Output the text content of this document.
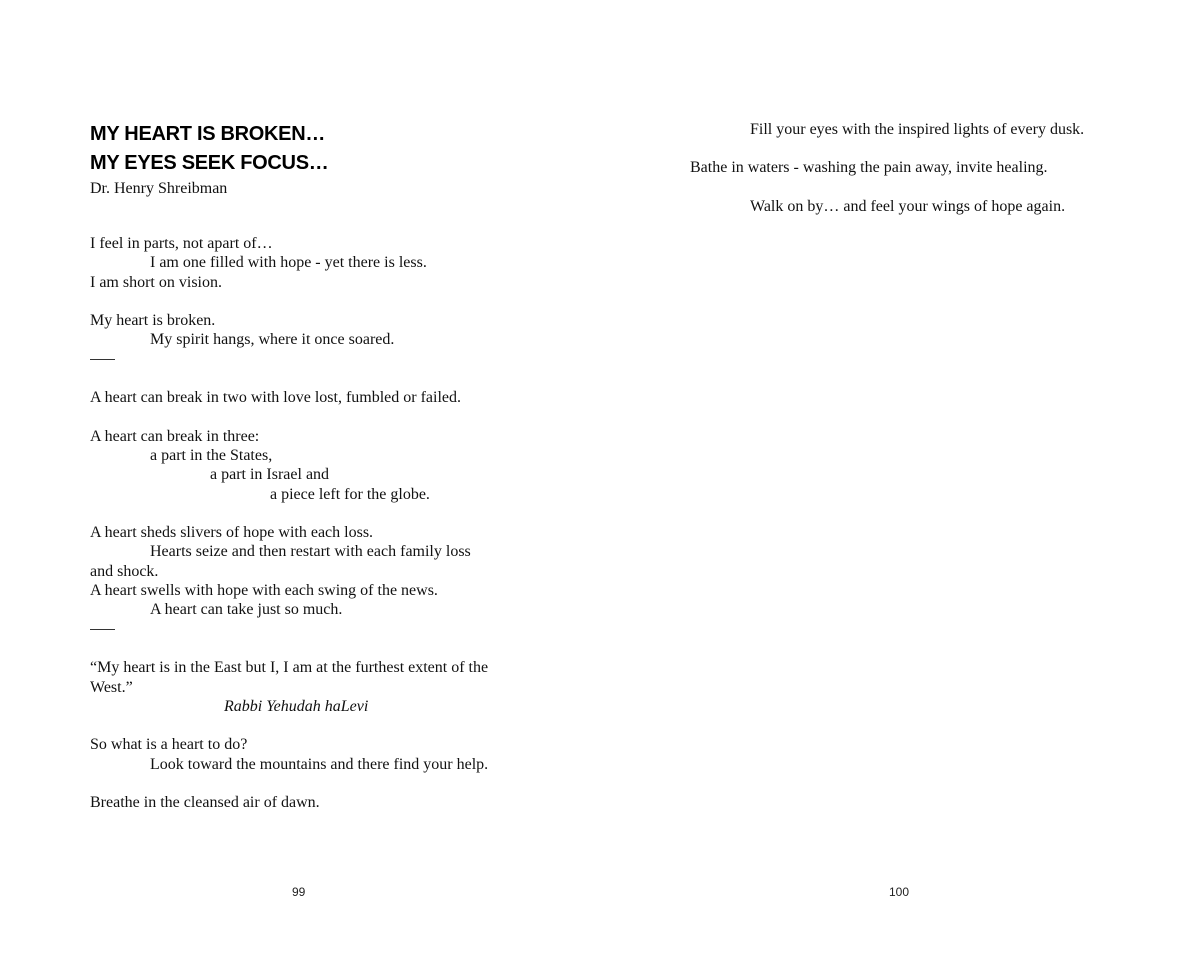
MY HEART IS BROKEN…
MY EYES SEEK FOCUS…
Dr. Henry Shreibman
I feel in parts, not apart of…
I am one filled with hope - yet there is less.
I am short on vision.
My heart is broken.
My spirit hangs, where it once soared.
A heart can break in two with love lost, fumbled or failed.
A heart can break in three:
a part in the States,
a part in Israel and
a piece left for the globe.
A heart sheds slivers of hope with each loss.
Hearts seize and then restart with each family loss
and shock.
A heart swells with hope with each swing of the news.
A heart can take just so much.
“My heart is in the East but I, I am at the furthest extent of the
West.”
Rabbi Yehudah haLevi
So what is a heart to do?
Look toward the mountains and there find your help.
Breathe in the cleansed air of dawn.
99
Fill your eyes with the inspired lights of every dusk.
Bathe in waters - washing the pain away, invite healing.
Walk on by… and feel your wings of hope again.
100
